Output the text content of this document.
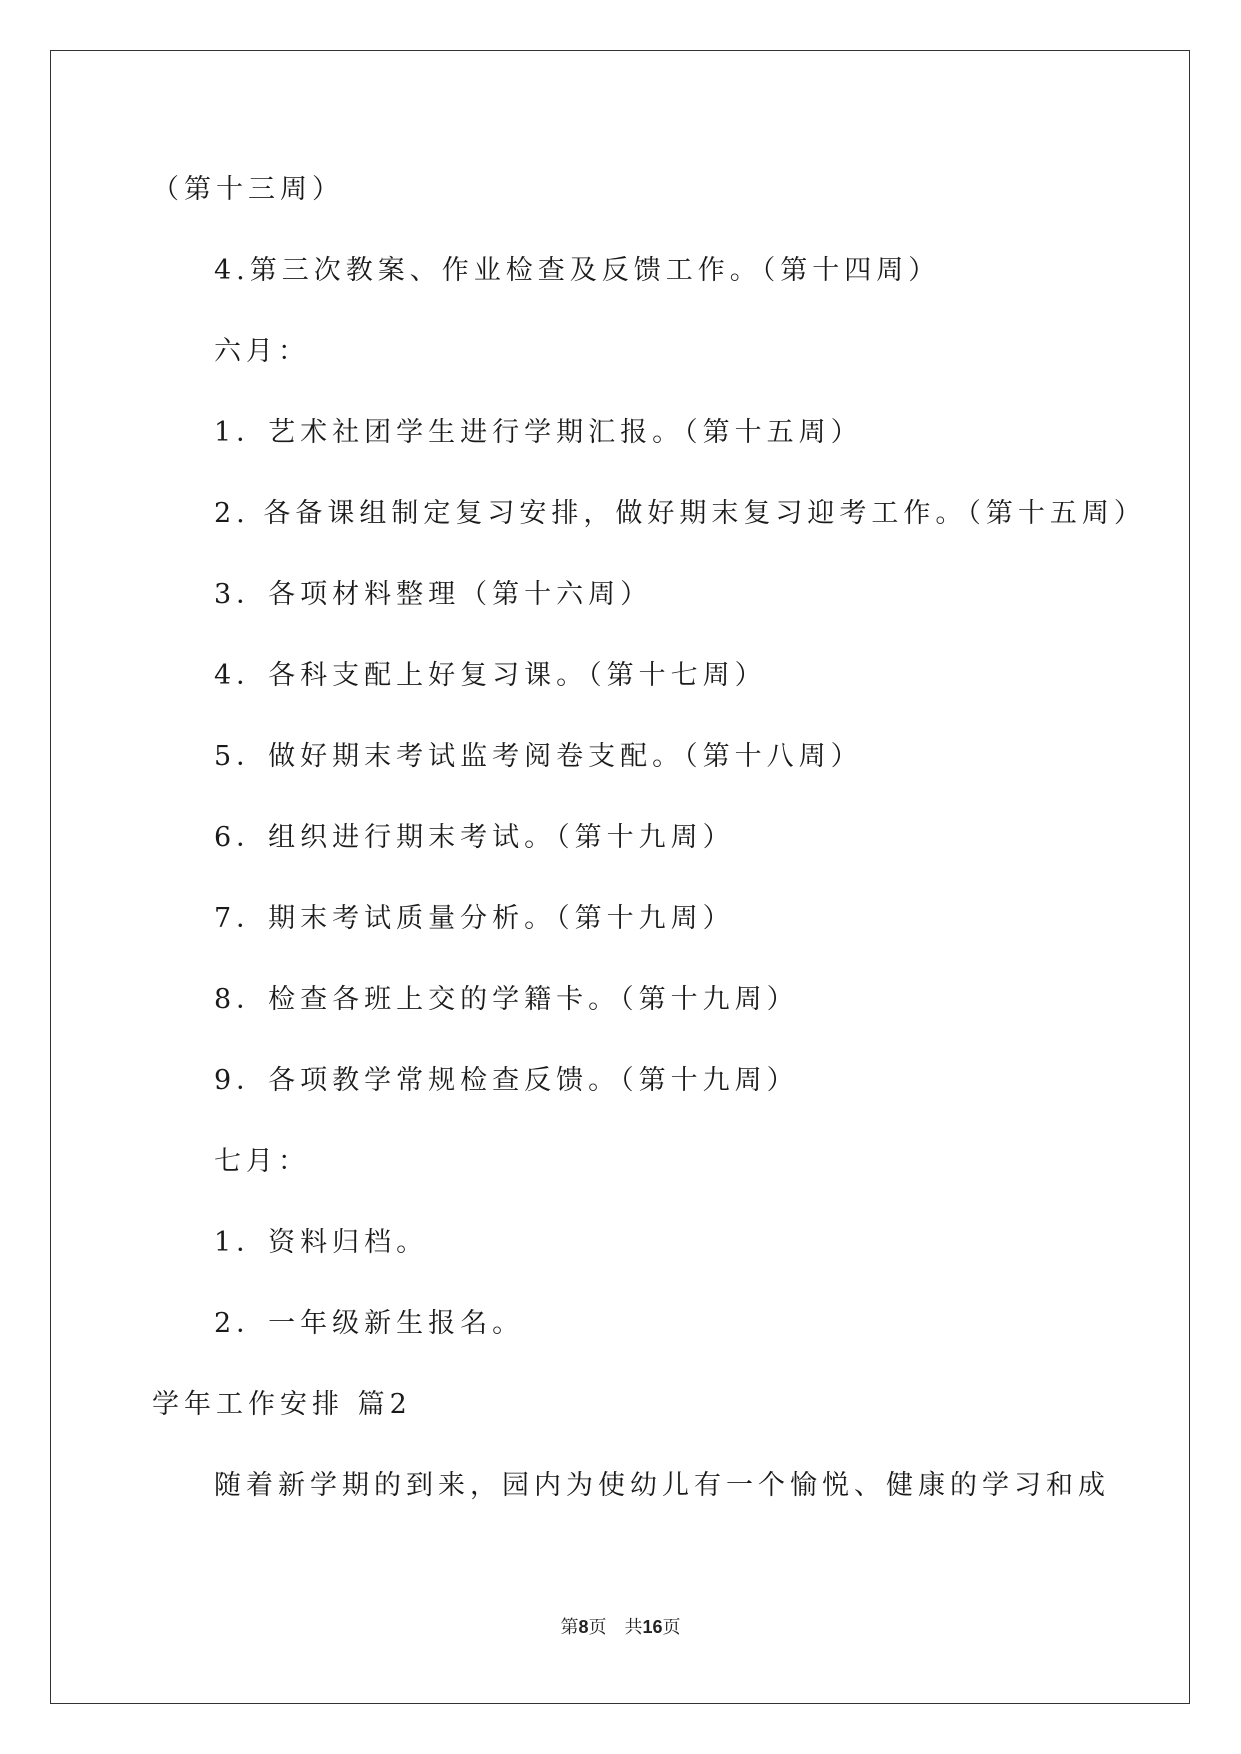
（第十三周）
4.第三次教案、作业检查及反馈工作。（第十四周）
六月：
1．艺术社团学生进行学期汇报。（第十五周）
2. 各备课组制定复习安排，做好期末复习迎考工作。（第十五周）
3．各项材料整理（第十六周）
4．各科支配上好复习课。（第十七周）
5．做好期末考试监考阅卷支配。（第十八周）
6．组织进行期末考试。（第十九周）
7．期末考试质量分析。（第十九周）
8．检查各班上交的学籍卡。（第十九周）
9．各项教学常规检查反馈。（第十九周）
七月：
1．资料归档。
2．一年级新生报名。
学年工作安排 篇2
随着新学期的到来，园内为使幼儿有一个愉悦、健康的学习和成
第8页 共16页
